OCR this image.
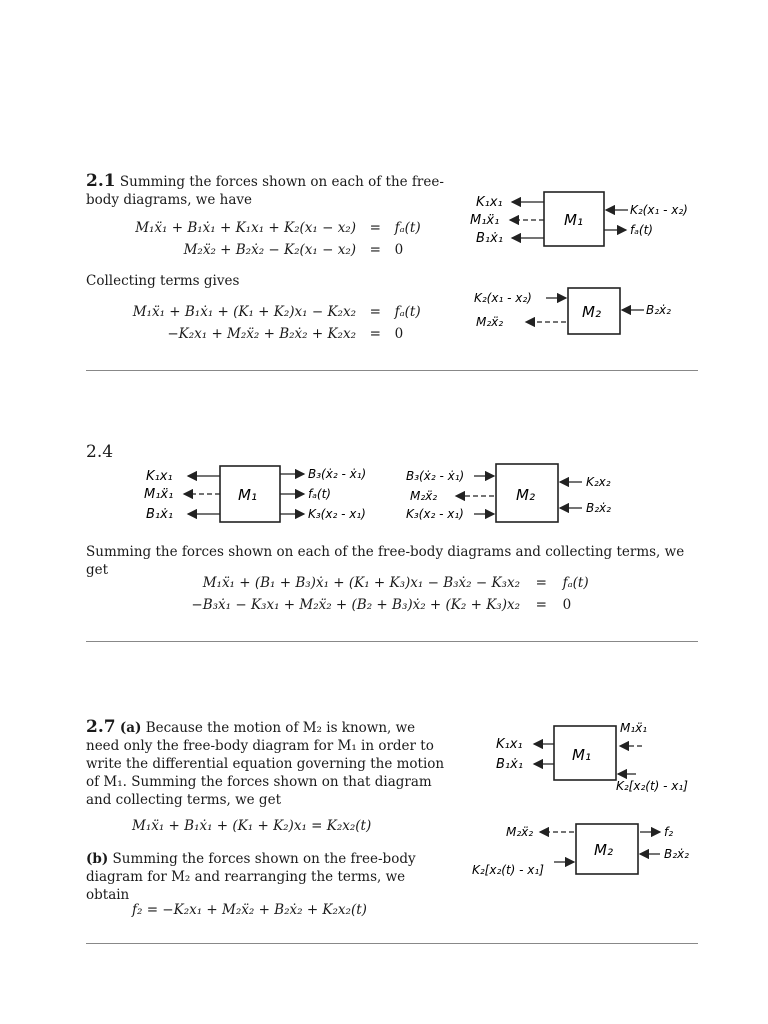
2.1 Summing the forces shown on each of the free-body diagrams, we have
M₁ẍ₁ + B₁ẋ₁ + K₁x₁ + K₂(x₁ − x₂) = fₐ(t)
M₂ẍ₂ + B₂ẋ₂ − K₂(x₁ − x₂) = 0
Collecting terms gives
M₁ẍ₁ + B₁ẋ₁ + (K₁ + K₂)x₁ − K₂x₂ = fₐ(t)
−K₂x₁ + M₂ẍ₂ + B₂ẋ₂ + K₂x₂ = 0
M₁
K₁x₁
M₁ẍ₁
B₁ẋ₁
K₂(x₁ - x₂)
fₐ(t)
M₂
K₂(x₁ - x₂)
M₂ẍ₂
B₂ẋ₂
2.4
M₁
K₁x₁
M₁ẍ₁
B₁ẋ₁
B₃(ẋ₂ - ẋ₁)
fₐ(t)
K₃(x₂ - x₁)
M₂
B₃(ẋ₂ - ẋ₁)
M₂ẍ₂
K₃(x₂ - x₁)
K₂x₂
B₂ẋ₂
Summing the forces shown on each of the free-body diagrams and collecting terms, we get
M₁ẍ₁ + (B₁ + B₃)ẋ₁ + (K₁ + K₃)x₁ − B₃ẋ₂ − K₃x₂ = fₐ(t)
−B₃ẋ₁ − K₃x₁ + M₂ẍ₂ + (B₂ + B₃)ẋ₂ + (K₂ + K₃)x₂ = 0
2.7 (a) Because the motion of M₂ is known, we need only the free-body diagram for M₁ in order to write the differential equation governing the motion of M₁. Summing the forces shown on that diagram and collecting terms, we get
M₁ẍ₁ + B₁ẋ₁ + (K₁ + K₂)x₁ = K₂x₂(t)
(b) Summing the forces shown on the free-body diagram for M₂ and rearranging the terms, we obtain
f₂ = −K₂x₁ + M₂ẍ₂ + B₂ẋ₂ + K₂x₂(t)
M₁
K₁x₁
B₁ẋ₁
M₁ẍ₁
K₂[x₂(t) - x₁]
M₂
M₂ẍ₂
K₂[x₂(t) - x₁]
f₂
B₂ẋ₂
